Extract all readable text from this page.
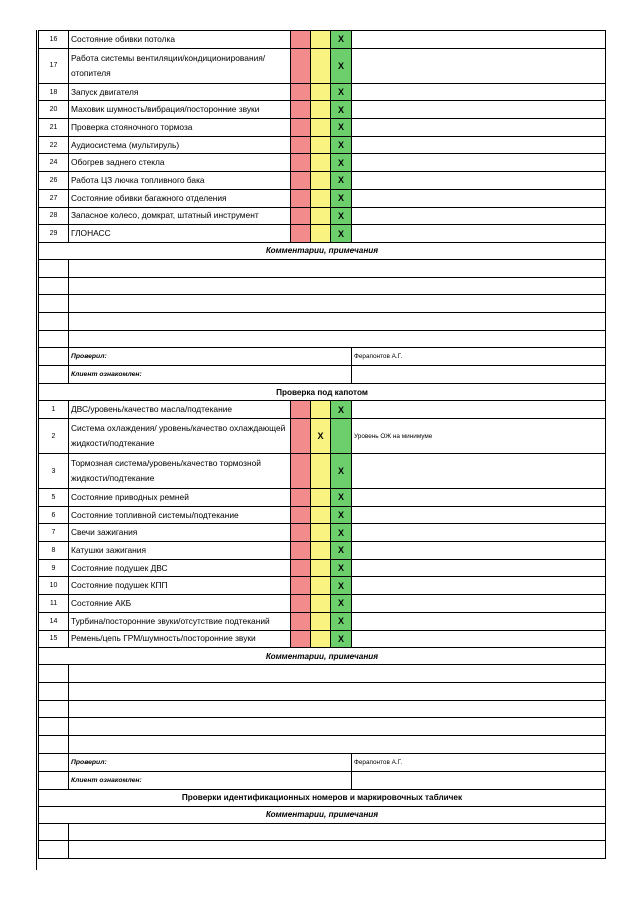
16	Состояние обивки потолка			X	
17	Работа системы вентиляции/кондиционирования/ отопителя			X	
18	Запуск двигателя			X	
20	Маховик шумность/вибрация/посторонние звуки			X	
21	Проверка стояночного тормоза			X	
22	Аудиосистема (мультируль)			X	
24	Обогрев заднего стекла			X	
26	Работа ЦЗ лючка топливного бака			X	
27	Состояние обивки багажного отделения			X	
28	Запасное колесо, домкрат, штатный инструмент			X	
29	ГЛОНАСС			X	
Комментарии, примечания					

	Проверил:				Ферапонтов А.Г.
	Клиент ознакомлен:				
Проверка под капотом					
1	ДВС/уровень/качество масла/подтекание			X	
2	Система охлаждения/ уровень/качество охлаждающей жидкости/подтекание		X		Уровень ОЖ на минимуме
3	Тормозная система/уровень/качество тормозной жидкости/подтекание			X	
5	Состояние приводных ремней			X	
6	Состояние топливной системы/подтекание			X	
7	Свечи зажигания			X	
8	Катушки зажигания			X	
9	Состояние подушек ДВС			X	
10	Состояние подушек КПП			X	
11	Состояние АКБ			X	
14	Турбина/посторонние звуки/отсутствие подтеканий			X	
15	Ремень/цепь ГРМ/шумность/посторонние звуки			X	
Комментарии, примечания					

	Проверил:				Ферапонтов А.Г.
	Клиент ознакомлен:				
Проверки идентификационных номеров и маркировочных табличек					
Комментарии, примечания					
